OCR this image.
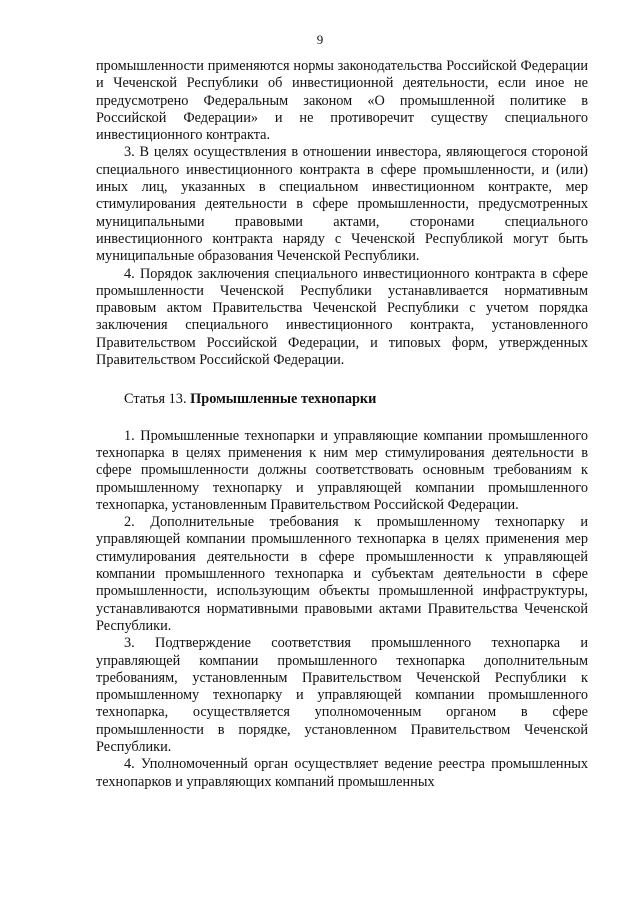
9

промышленности применяются нормы законодательства Российской Федерации и Чеченской Республики об инвестиционной деятельности, если иное не предусмотрено Федеральным законом «О промышленной политике в Российской Федерации» и не противоречит существу специального инвестиционного контракта.

3. В целях осуществления в отношении инвестора, являющегося стороной специального инвестиционного контракта в сфере промышленности, и (или) иных лиц, указанных в специальном инвестиционном контракте, мер стимулирования деятельности в сфере промышленности, предусмотренных муниципальными правовыми актами, сторонами специального инвестиционного контракта наряду с Чеченской Республикой могут быть муниципальные образования Чеченской Республики.

4. Порядок заключения специального инвестиционного контракта в сфере промышленности Чеченской Республики устанавливается нормативным правовым актом Правительства Чеченской Республики с учетом порядка заключения специального инвестиционного контракта, установленного Правительством Российской Федерации, и типовых форм, утвержденных Правительством Российской Федерации.

Статья 13. Промышленные технопарки

1. Промышленные технопарки и управляющие компании промышленного технопарка в целях применения к ним мер стимулирования деятельности в сфере промышленности должны соответствовать основным требованиям к промышленному технопарку и управляющей компании промышленного технопарка, установленным Правительством Российской Федерации.

2. Дополнительные требования к промышленному технопарку и управляющей компании промышленного технопарка в целях применения мер стимулирования деятельности в сфере промышленности к управляющей компании промышленного технопарка и субъектам деятельности в сфере промышленности, использующим объекты промышленной инфраструктуры, устанавливаются нормативными правовыми актами Правительства Чеченской Республики.

3. Подтверждение соответствия промышленного технопарка и управляющей компании промышленного технопарка дополнительным требованиям, установленным Правительством Чеченской Республики к промышленному технопарку и управляющей компании промышленного технопарка, осуществляется уполномоченным органом в сфере промышленности в порядке, установленном Правительством Чеченской Республики.

4. Уполномоченный орган осуществляет ведение реестра промышленных технопарков и управляющих компаний промышленных
